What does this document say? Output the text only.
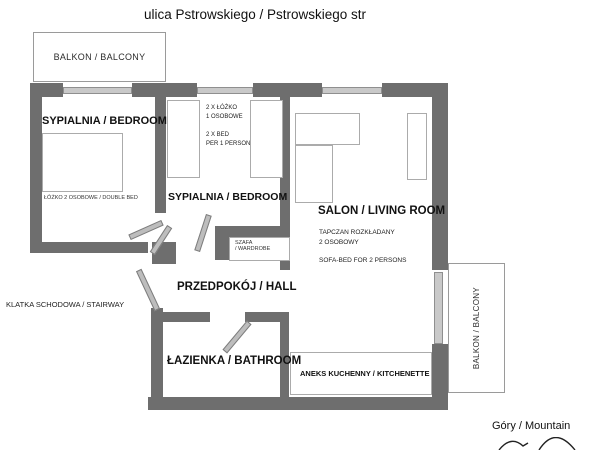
ulica Pstrowskiego / Pstrowskiego str
BALKON / BALCONY
BALKON / BALCONY
SZAFA
/ WARDROBE
ANEKS KUCHENNY / KITCHENETTE
SYPIALNIA / BEDROOM
ŁÓŻKO 2 OSOBOWE / DOUBLE BED	SYPIALNIA / BEDROOM
2 X ŁÓŻKO
1 OSOBOWE
2 X BED
PER 1 PERSON
SALON / LIVING ROOM
TAPCZAN ROZKŁADANY
2 OSOBOWY
SOFA-BED FOR 2 PERSONS
PRZEDPOKÓJ / HALL
ŁAZIENKA / BATHROOM
KLATKA SCHODOWA / STAIRWAY
Góry / Mountain
